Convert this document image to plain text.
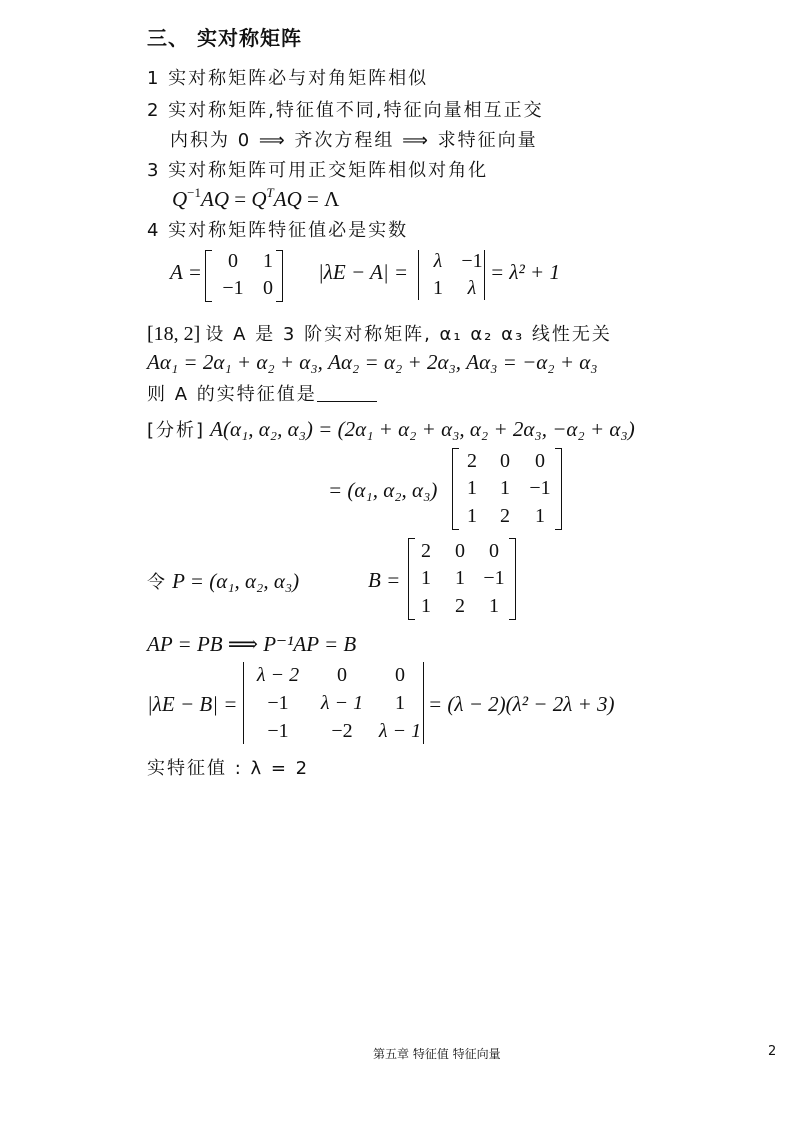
三、 实对称矩阵
1 实对称矩阵必与对角矩阵相似
2 实对称矩阵,特征值不同,特征向量相互正交
内积为 0 ⟹ 齐次方程组 ⟹ 求特征向量
3 实对称矩阵可用正交矩阵相似对角化
$Q^{-1}AQ = Q^TAQ = \Lambda$
4 实对称矩阵特征值必是实数
A =	0	1
−1 0
|λE − A| =	λ −1
1	λ
= λ² + 1
[18, 2] 设 A 是 3 阶实对称矩阵, α₁ α₂ α₃ 线性无关
Aα₁ = 2α₁ + α₂ + α₃, Aα₂ = α₂ + 2α₃, Aα₃ = −α₂ + α₃
则 A 的实特征值是
[分析] A(α₁, α₂, α₃) = (2α₁ + α₂ + α₃, α₂ + 2α₃, −α₂ + α₃)
= (α₁, α₂, α₃)
2	0	0
1	1 −1
1	2	1
令 P = (α₁, α₂, α₃)	B =
2	0	0
1	1 −1
1	2	1
AP = PB ⟹ P⁻¹AP = B
|λE − B| =
λ − 2	0	0
−1	λ − 1	1
−1	−2	λ − 1
= (λ − 2)(λ² − 2λ + 3)
实特征值 : λ = 2
第五章 特征值 特征向量	2
